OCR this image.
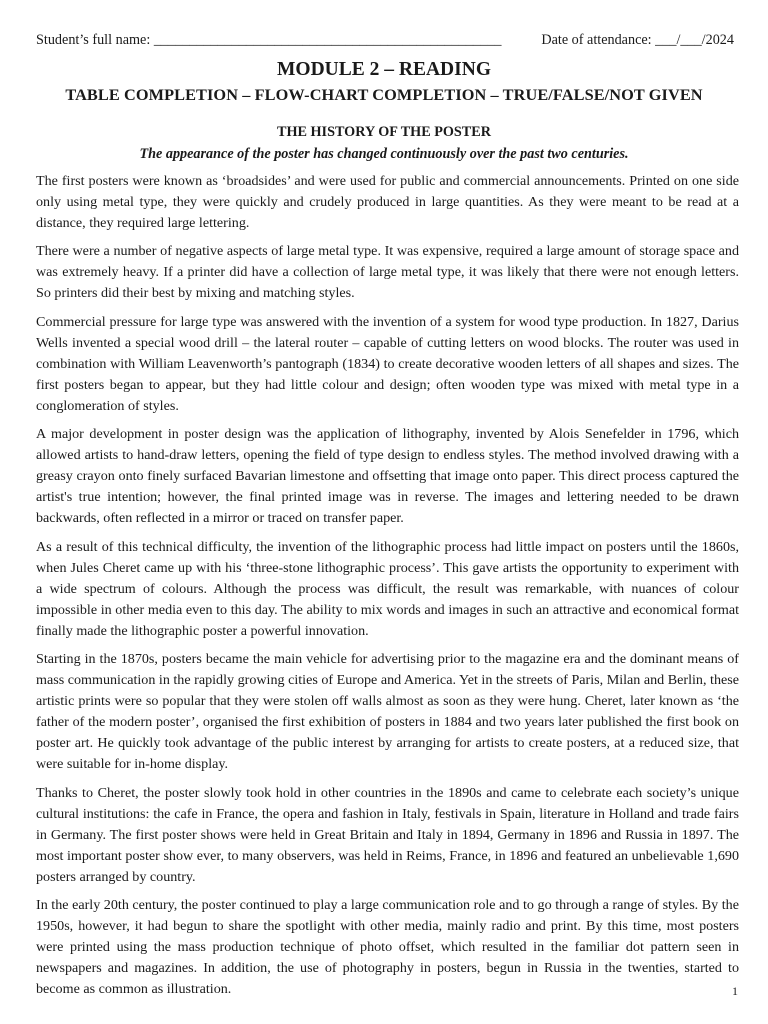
Student’s full name: _________________________________________________	Date of attendance: ___/___/2024
MODULE 2 – READING
TABLE COMPLETION – FLOW-CHART COMPLETION – TRUE/FALSE/NOT GIVEN
THE HISTORY OF THE POSTER
The appearance of the poster has changed continuously over the past two centuries.

The first posters were known as ‘broadsides’ and were used for public and commercial announcements. Printed on one side only using metal type, they were quickly and crudely produced in large quantities. As they were meant to be read at a distance, they required large lettering.

There were a number of negative aspects of large metal type. It was expensive, required a large amount of storage space and was extremely heavy. If a printer did have a collection of large metal type, it was likely that there were not enough letters. So printers did their best by mixing and matching styles.

Commercial pressure for large type was answered with the invention of a system for wood type production. In 1827, Darius Wells invented a special wood drill – the lateral router – capable of cutting letters on wood blocks. The router was used in combination with William Leavenworth’s pantograph (1834) to create decorative wooden letters of all shapes and sizes. The first posters began to appear, but they had little colour and design; often wooden type was mixed with metal type in a conglomeration of styles.

A major development in poster design was the application of lithography, invented by Alois Senefelder in 1796, which allowed artists to hand-draw letters, opening the field of type design to endless styles. The method involved drawing with a greasy crayon onto finely surfaced Bavarian limestone and offsetting that image onto paper. This direct process captured the artist's true intention; however, the final printed image was in reverse. The images and lettering needed to be drawn backwards, often reflected in a mirror or traced on transfer paper.

As a result of this technical difficulty, the invention of the lithographic process had little impact on posters until the 1860s, when Jules Cheret came up with his ‘three-stone lithographic process’. This gave artists the opportunity to experiment with a wide spectrum of colours. Although the process was difficult, the result was remarkable, with nuances of colour impossible in other media even to this day. The ability to mix words and images in such an attractive and economical format finally made the lithographic poster a powerful innovation.

Starting in the 1870s, posters became the main vehicle for advertising prior to the magazine era and the dominant means of mass communication in the rapidly growing cities of Europe and America. Yet in the streets of Paris, Milan and Berlin, these artistic prints were so popular that they were stolen off walls almost as soon as they were hung. Cheret, later known as ‘the father of the modern poster’, organised the first exhibition of posters in 1884 and two years later published the first book on poster art. He quickly took advantage of the public interest by arranging for artists to create posters, at a reduced size, that were suitable for in-home display.

Thanks to Cheret, the poster slowly took hold in other countries in the 1890s and came to celebrate each society’s unique cultural institutions: the cafe in France, the opera and fashion in Italy, festivals in Spain, literature in Holland and trade fairs in Germany. The first poster shows were held in Great Britain and Italy in 1894, Germany in 1896 and Russia in 1897. The most important poster show ever, to many observers, was held in Reims, France, in 1896 and featured an unbelievable 1,690 posters arranged by country.

In the early 20th century, the poster continued to play a large communication role and to go through a range of styles. By the 1950s, however, it had begun to share the spotlight with other media, mainly radio and print. By this time, most posters were printed using the mass production technique of photo offset, which resulted in the familiar dot pattern seen in newspapers and magazines. In addition, the use of photography in posters, begun in Russia in the twenties, started to become as common as illustration.	1
